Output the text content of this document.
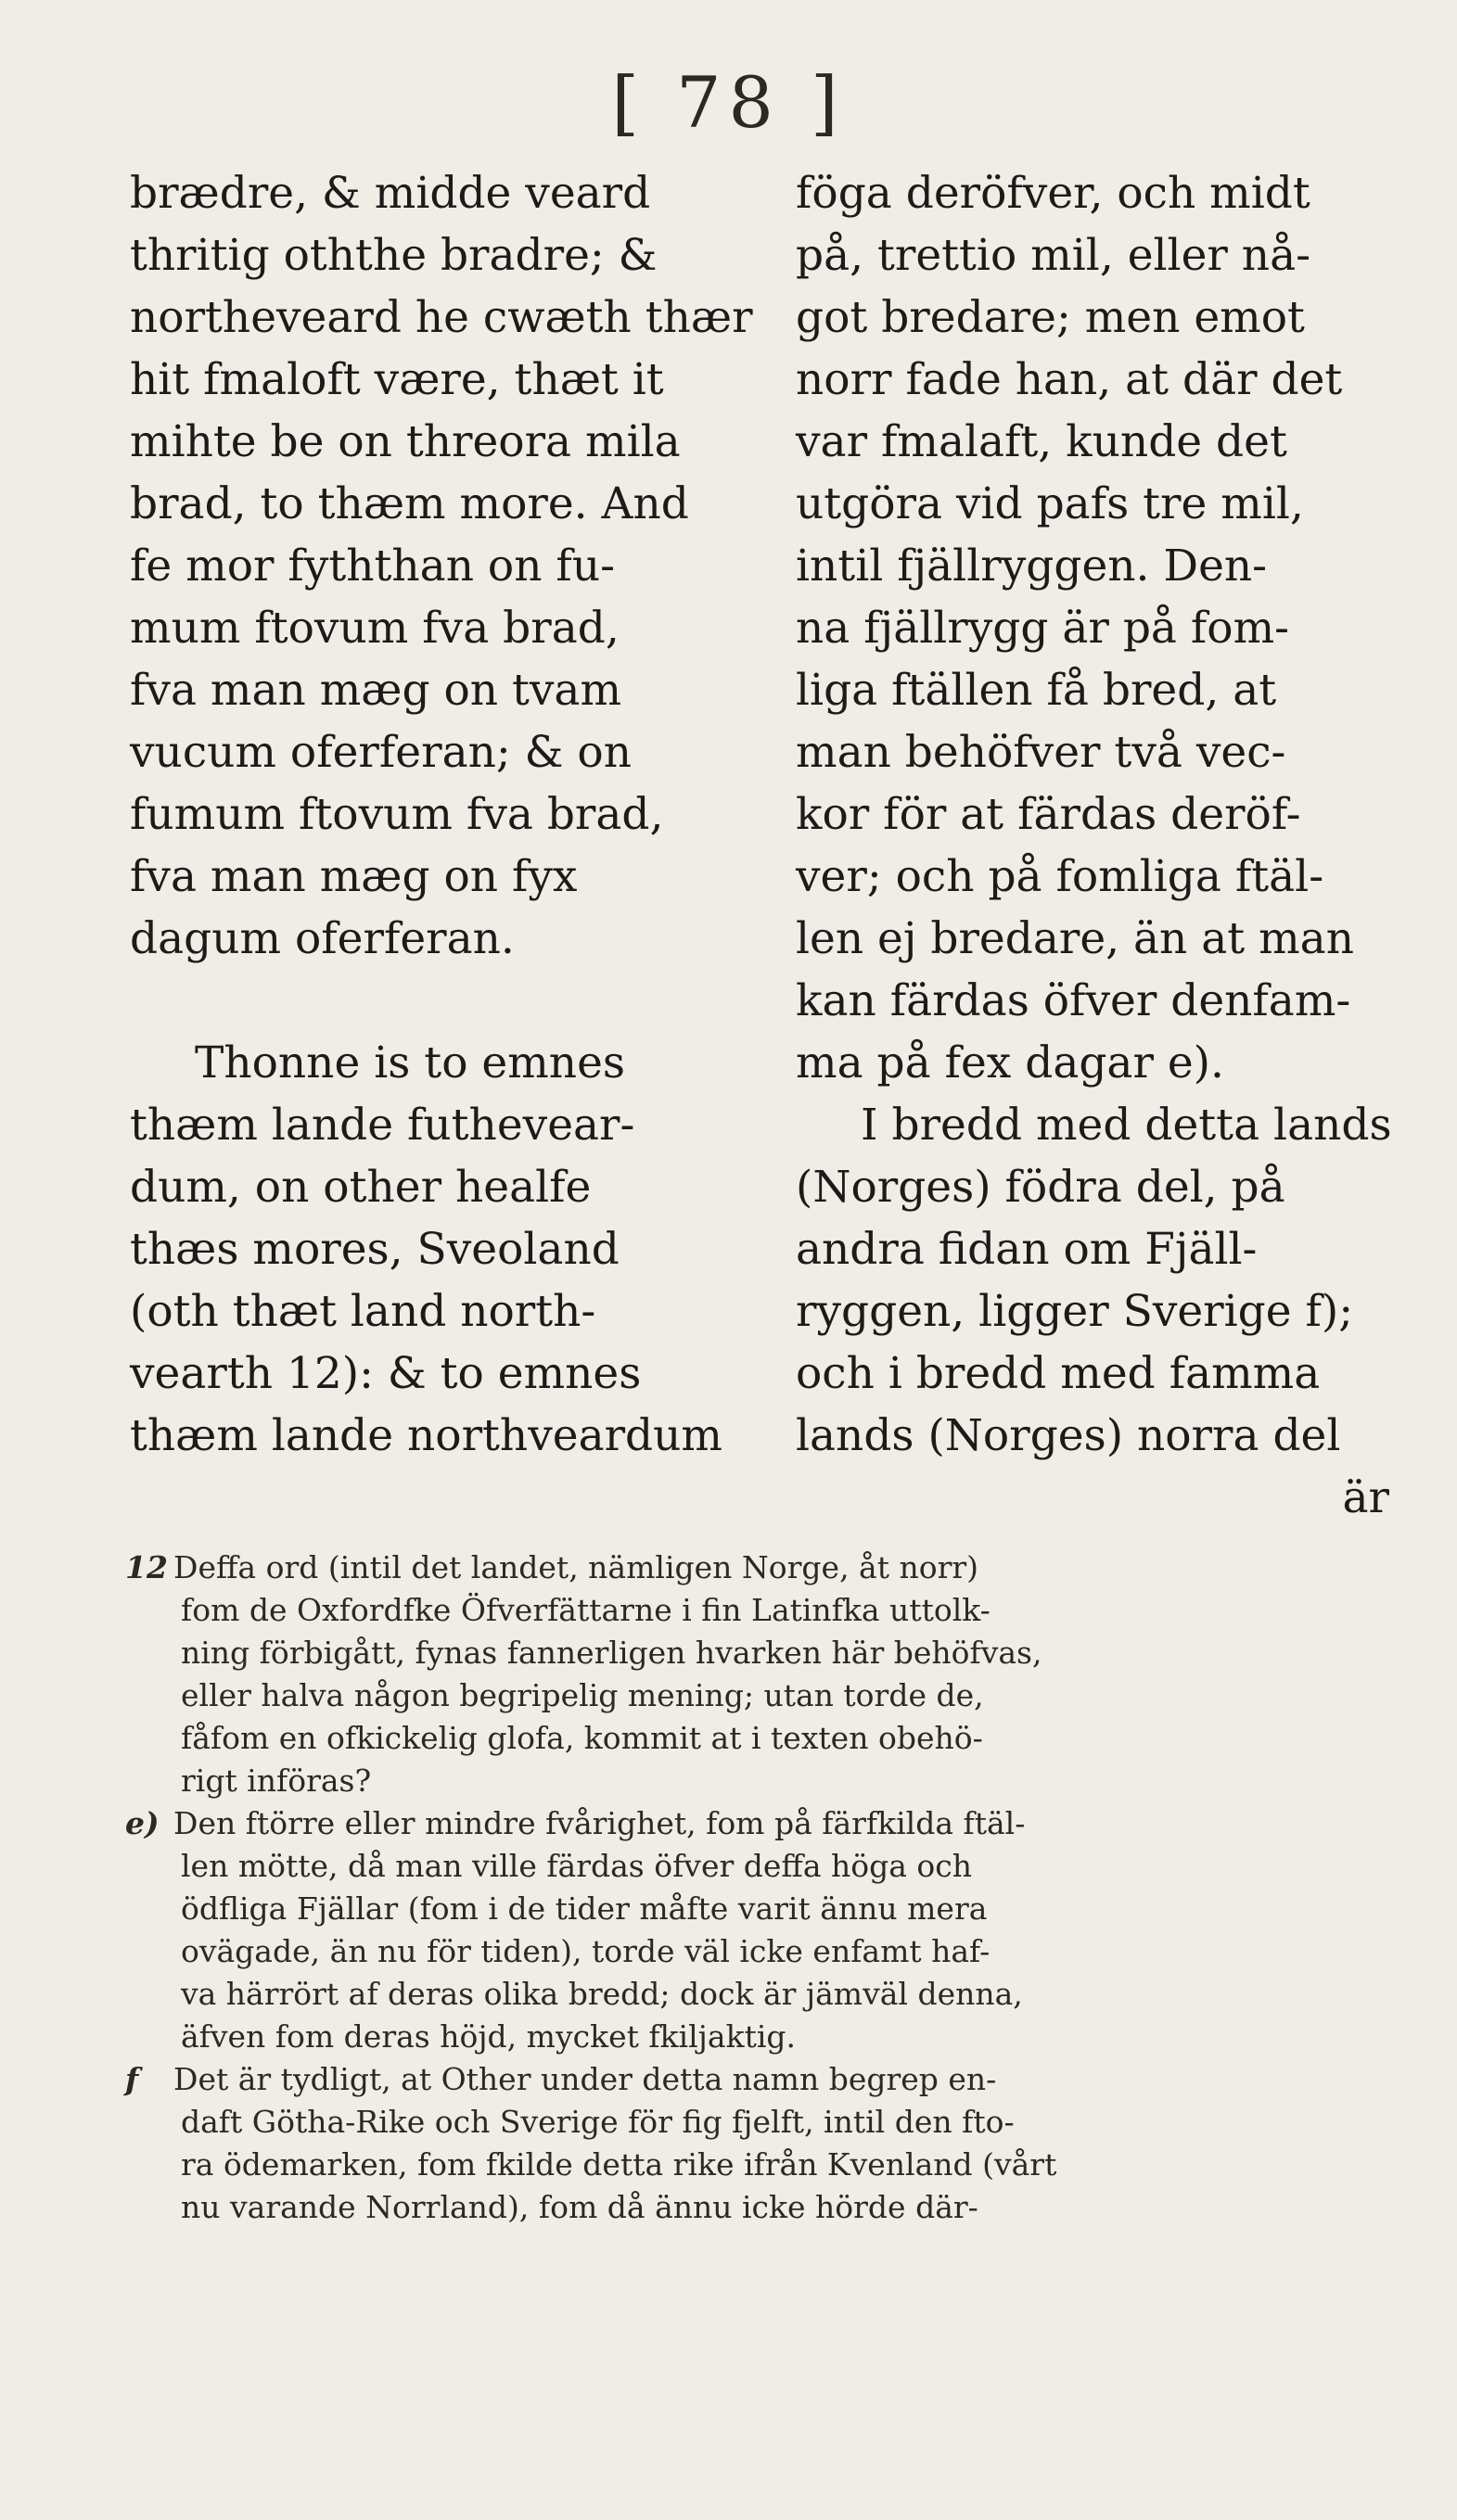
[ 78 ]
brædre, & midde veard
thritig oththe bradre; &
northeveard he cwæth thær
hit fmaloft være, thæt it
mihte be on threora mila
brad, to thæm more. And
fe mor fyththan on fu-
mum ftovum fva brad,
fva man mæg on tvam
vucum oferferan; & on
fumum ftovum fva brad,
fva man mæg on fyx
dagum oferferan.
Thonne is to emnes
thæm lande futhevear-
dum, on other healfe
thæs mores, Sveoland
(oth thæt land north-
vearth 12): & to emnes
thæm lande northveardum
föga deröfver, och midt
på, trettio mil, eller nå-
got bredare; men emot
norr fade han, at där det
var fmalaft, kunde det
utgöra vid pafs tre mil,
intil fjällryggen. Den-
na fjällrygg är på fom-
liga ftällen få bred, at
man behöfver två vec-
kor för at färdas deröf-
ver; och på fomliga ftäl-
len ej bredare, än at man
kan färdas öfver denfam-
ma på fex dagar e).
I bredd med detta lands
(Norges) födra del, på
andra fidan om Fjäll-
ryggen, ligger Sverige f);
och i bredd med famma
lands (Norges) norra del
är
12 Deffa ord (intil det landet, nämligen Norge, åt norr)
fom de Oxfordfke Öfverfättarne i fin Latinfka uttolk-
ning förbigått, fynas fannerligen hvarken här behöfvas,
eller halva någon begripelig mening; utan torde de,
fåfom en ofkickelig glofa, kommit at i texten obehö-
rigt införas?
e) Den ftörre eller mindre fvårighet, fom på färfkilda ftäl-
len mötte, då man ville färdas öfver deffa höga och
ödfliga Fjällar (fom i de tider måfte varit ännu mera
ovägade, än nu för tiden), torde väl icke enfamt haf-
va härrört af deras olika bredd; dock är jämväl denna,
äfven fom deras höjd, mycket fkiljaktig.
f Det är tydligt, at Other under detta namn begrep en-
daft Götha-Rike och Sverige för fig fjelft, intil den fto-
ra ödemarken, fom fkilde detta rike ifrån Kvenland (vårt
nu varande Norrland), fom då ännu icke hörde där-
